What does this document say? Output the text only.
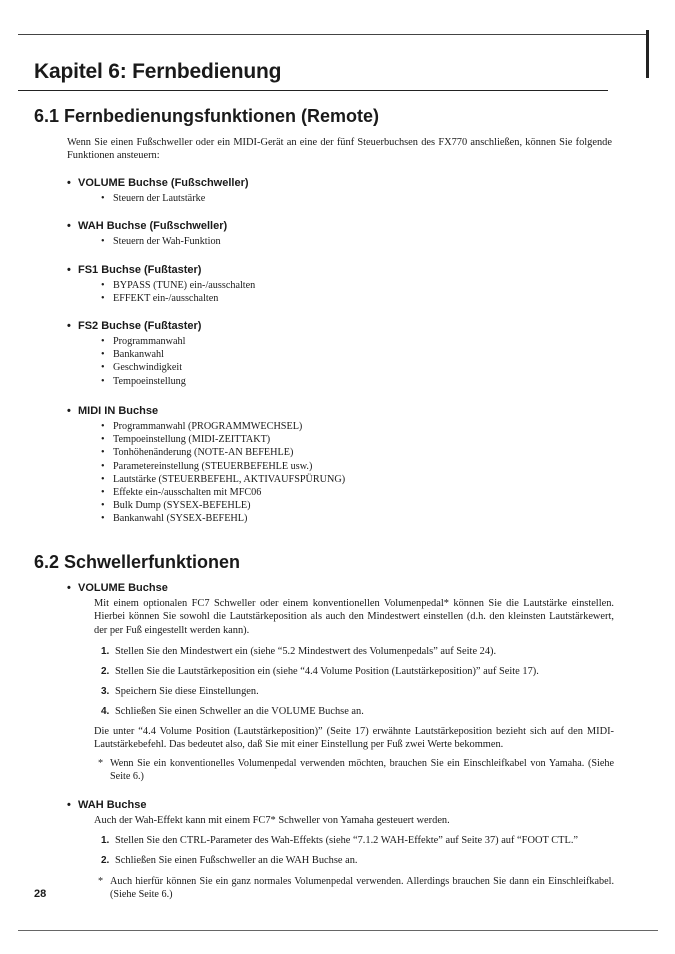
Kapitel 6: Fernbedienung
6.1 Fernbedienungsfunktionen (Remote)

Wenn Sie einen Fußschweller oder ein MIDI-Gerät an eine der fünf Steuerbuchsen des FX770 anschließen, können Sie folgende Funktionen ansteuern:

• VOLUME Buchse (Fußschweller)
• Steuern der Lautstärke
• WAH Buchse (Fußschweller)
• Steuern der Wah-Funktion
• FS1 Buchse (Fußtaster)
• BYPASS (TUNE) ein-/ausschalten
• EFFEKT ein-/ausschalten
• FS2 Buchse (Fußtaster)
• Programmanwahl
• Bankanwahl
• Geschwindigkeit
• Tempoeinstellung
• MIDI IN Buchse
• Programmanwahl (PROGRAMMWECHSEL)
• Tempoeinstellung (MIDI-ZEITTAKT)
• Tonhöhenänderung (NOTE-AN BEFEHLE)
• Parametereinstellung (STEUERBEFEHLE usw.)
• Lautstärke (STEUERBEFEHL, AKTIVAUFSPÜRUNG)
• Effekte ein-/ausschalten mit MFC06
• Bulk Dump (SYSEX-BEFEHLE)
• Bankanwahl (SYSEX-BEFEHL)
6.2 Schwellerfunktionen
• VOLUME Buchse

Mit einem optionalen FC7 Schweller oder einem konventionellen Volumenpedal* können Sie die Lautstärke einstellen. Hierbei können Sie sowohl die Lautstärkeposition als auch den Mindestwert einstellen (d.h. den kleinsten Lautstärkewert, der per Fuß eingestellt werden kann).

1. Stellen Sie den Mindestwert ein (siehe “5.2 Mindestwert des Volumenpedals” auf Seite 24).
2. Stellen Sie die Lautstärkeposition ein (siehe “4.4 Volume Position (Lautstärkeposition)” auf Seite 17).
3. Speichern Sie diese Einstellungen.
4. Schließen Sie einen Schweller an die VOLUME Buchse an.

Die unter “4.4 Volume Position (Lautstärkeposition)” (Seite 17) erwähnte Lautstärkeposition bezieht sich auf den MIDI-Lautstärkebefehl. Das bedeutet also, daß Sie mit einer Einstellung per Fuß zwei Werte bekommen.

* Wenn Sie ein konventionelles Volumenpedal verwenden möchten, brauchen Sie ein Einschleifkabel von Yamaha. (Siehe Seite 6.)
• WAH Buchse

Auch der Wah-Effekt kann mit einem FC7* Schweller von Yamaha gesteuert werden.

1. Stellen Sie den CTRL-Parameter des Wah-Effekts (siehe “7.1.2 WAH-Effekte” auf Seite 37) auf “FOOT CTL.”
2. Schließen Sie einen Fußschweller an die WAH Buchse an.
* Auch hierfür können Sie ein ganz normales Volumenpedal verwenden. Allerdings brauchen Sie dann ein Einschleifkabel. (Siehe Seite 6.)
28
